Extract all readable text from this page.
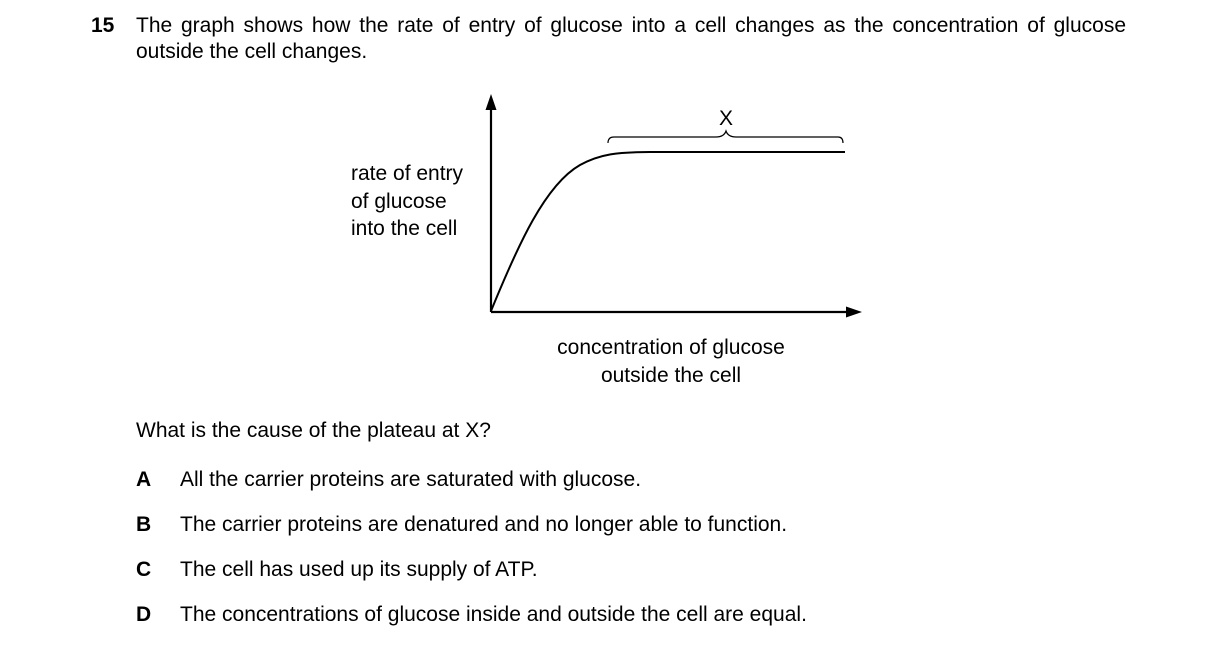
15 The graph shows how the rate of entry of glucose into a cell changes as the concentration of glucose outside the cell changes.
X
rate of entry
of glucose
into the cell
concentration of glucose
outside the cell
What is the cause of the plateau at X?
A All the carrier proteins are saturated with glucose.
B The carrier proteins are denatured and no longer able to function.
C The cell has used up its supply of ATP.
D The concentrations of glucose inside and outside the cell are equal.
